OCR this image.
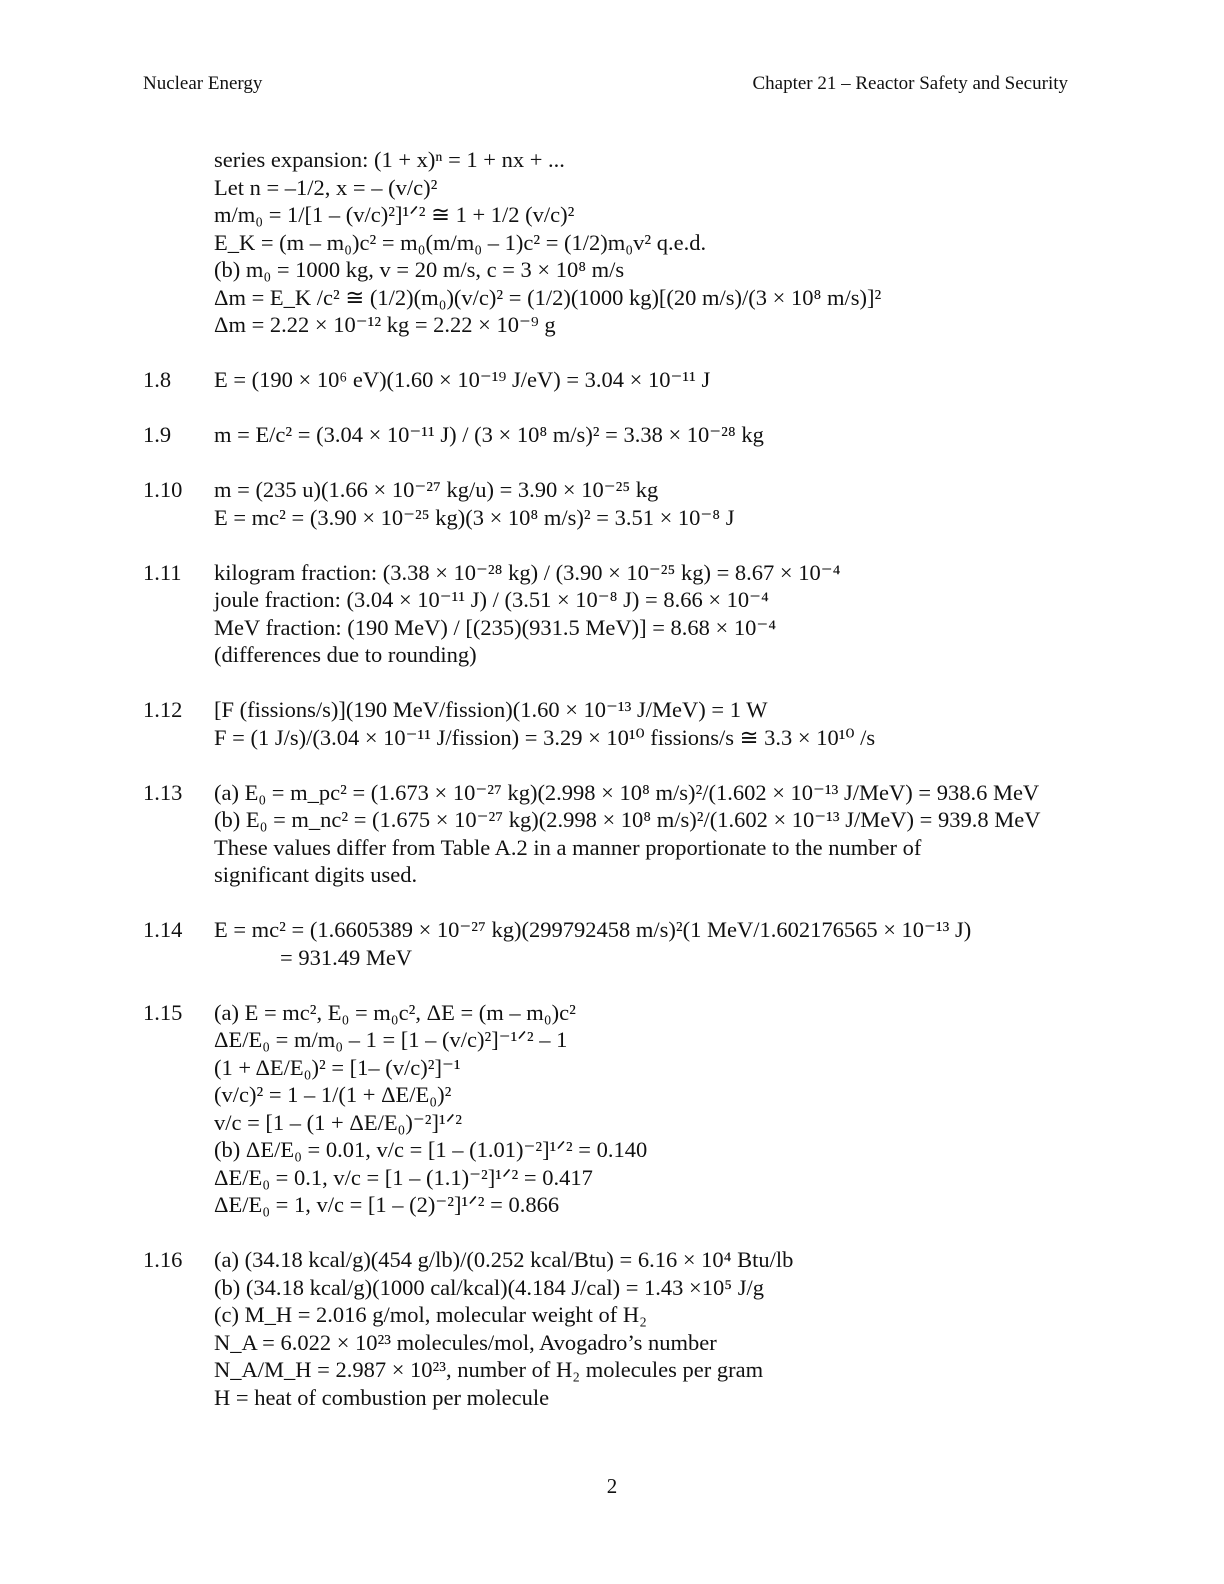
Nuclear Energy	Chapter 21 – Reactor Safety and Security
series expansion: (1 + x)ⁿ = 1 + nx + ...
Let n = –1/2, x = – (v/c)²
m/m₀ = 1/[1 – (v/c)²]¹ᐟ² ≅ 1 + 1/2 (v/c)²
E_K = (m – m₀)c² = m₀(m/m₀ – 1)c² = (1/2)m₀v² q.e.d.
(b) m₀ = 1000 kg, v = 20 m/s, c = 3 × 10⁸ m/s
Δm = E_K /c² ≅ (1/2)(m₀)(v/c)² = (1/2)(1000 kg)[(20 m/s)/(3 × 10⁸ m/s)]²
Δm = 2.22 × 10⁻¹² kg = 2.22 × 10⁻⁹ g
1.8	E = (190 × 10⁶ eV)(1.60 × 10⁻¹⁹ J/eV) = 3.04 × 10⁻¹¹ J
1.9	m = E/c² = (3.04 × 10⁻¹¹ J) / (3 × 10⁸ m/s)² = 3.38 × 10⁻²⁸ kg
1.10	m = (235 u)(1.66 × 10⁻²⁷ kg/u) = 3.90 × 10⁻²⁵ kg
E = mc² = (3.90 × 10⁻²⁵ kg)(3 × 10⁸ m/s)² = 3.51 × 10⁻⁸ J
1.11	kilogram fraction: (3.38 × 10⁻²⁸ kg) / (3.90 × 10⁻²⁵ kg) = 8.67 × 10⁻⁴
joule fraction: (3.04 × 10⁻¹¹ J) / (3.51 × 10⁻⁸ J) = 8.66 × 10⁻⁴
MeV fraction: (190 MeV) / [(235)(931.5 MeV)] = 8.68 × 10⁻⁴
(differences due to rounding)
1.12	[F (fissions/s)](190 MeV/fission)(1.60 × 10⁻¹³ J/MeV) = 1 W
F = (1 J/s)/(3.04 × 10⁻¹¹ J/fission) = 3.29 × 10¹⁰ fissions/s ≅ 3.3 × 10¹⁰ /s
1.13	(a) E₀ = m_pc² = (1.673 × 10⁻²⁷ kg)(2.998 × 10⁸ m/s)²/(1.602 × 10⁻¹³ J/MeV) = 938.6 MeV
(b) E₀ = m_nc² = (1.675 × 10⁻²⁷ kg)(2.998 × 10⁸ m/s)²/(1.602 × 10⁻¹³ J/MeV) = 939.8 MeV
These values differ from Table A.2 in a manner proportionate to the number of
significant digits used.
1.14	E = mc² = (1.6605389 × 10⁻²⁷ kg)(299792458 m/s)²(1 MeV/1.602176565 × 10⁻¹³ J)
= 931.49 MeV
1.15	(a) E = mc², E₀ = m₀c², ΔE = (m – m₀)c²
ΔE/E₀ = m/m₀ – 1 = [1 – (v/c)²]⁻¹ᐟ² – 1
(1 + ΔE/E₀)² = [1– (v/c)²]⁻¹
(v/c)² = 1 – 1/(1 + ΔE/E₀)²
v/c = [1 – (1 + ΔE/E₀)⁻²]¹ᐟ²
(b) ΔE/E₀ = 0.01, v/c = [1 – (1.01)⁻²]¹ᐟ² = 0.140
ΔE/E₀ = 0.1, v/c = [1 – (1.1)⁻²]¹ᐟ² = 0.417
ΔE/E₀ = 1, v/c = [1 – (2)⁻²]¹ᐟ² = 0.866
1.16	(a) (34.18 kcal/g)(454 g/lb)/(0.252 kcal/Btu) = 6.16 × 10⁴ Btu/lb
(b) (34.18 kcal/g)(1000 cal/kcal)(4.184 J/cal) = 1.43 ×10⁵ J/g
(c) M_H = 2.016 g/mol, molecular weight of H₂
N_A = 6.022 × 10²³ molecules/mol, Avogadro’s number
N_A/M_H = 2.987 × 10²³, number of H₂ molecules per gram
H = heat of combustion per molecule
2
